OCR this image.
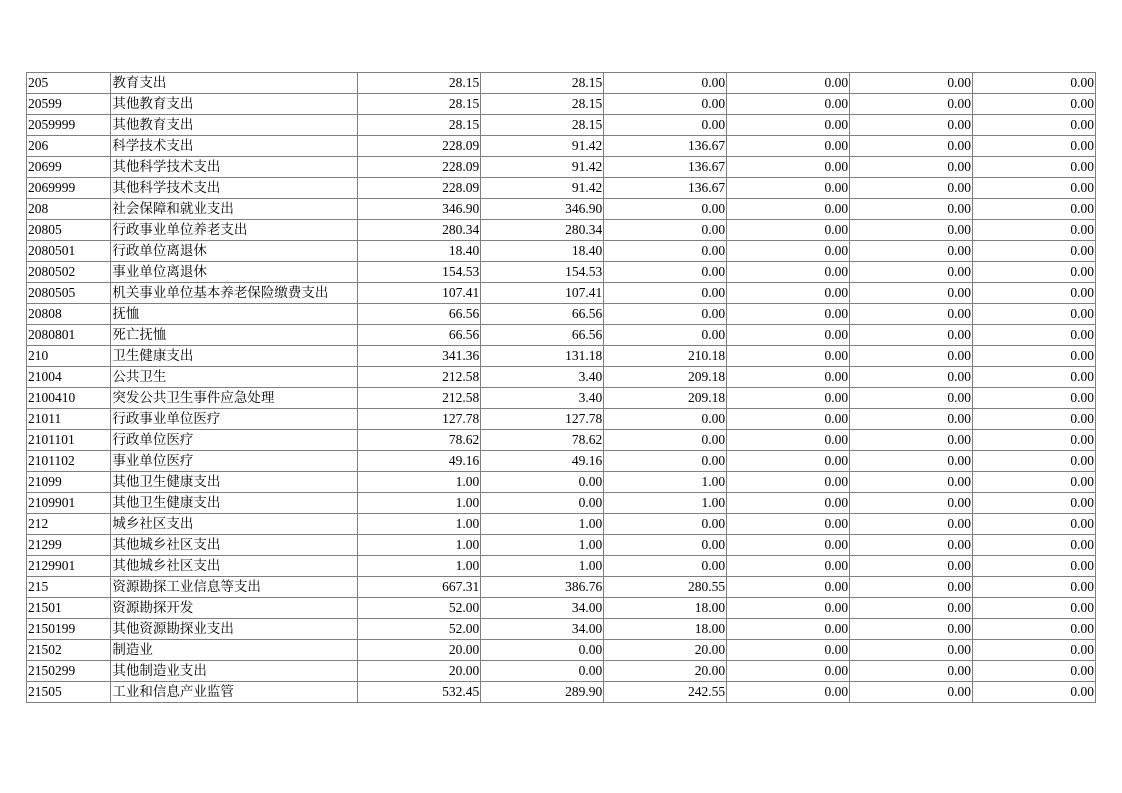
205	教育支出	28.15	28.15	0.00	0.00	0.00	0.00
20599	其他教育支出	28.15	28.15	0.00	0.00	0.00	0.00
2059999	其他教育支出	28.15	28.15	0.00	0.00	0.00	0.00
206	科学技术支出	228.09	91.42	136.67	0.00	0.00	0.00
20699	其他科学技术支出	228.09	91.42	136.67	0.00	0.00	0.00
2069999	其他科学技术支出	228.09	91.42	136.67	0.00	0.00	0.00
208	社会保障和就业支出	346.90	346.90	0.00	0.00	0.00	0.00
20805	行政事业单位养老支出	280.34	280.34	0.00	0.00	0.00	0.00
2080501	行政单位离退休	18.40	18.40	0.00	0.00	0.00	0.00
2080502	事业单位离退休	154.53	154.53	0.00	0.00	0.00	0.00
2080505	机关事业单位基本养老保险缴费支出	107.41	107.41	0.00	0.00	0.00	0.00
20808	抚恤	66.56	66.56	0.00	0.00	0.00	0.00
2080801	死亡抚恤	66.56	66.56	0.00	0.00	0.00	0.00
210	卫生健康支出	341.36	131.18	210.18	0.00	0.00	0.00
21004	公共卫生	212.58	3.40	209.18	0.00	0.00	0.00
2100410	突发公共卫生事件应急处理	212.58	3.40	209.18	0.00	0.00	0.00
21011	行政事业单位医疗	127.78	127.78	0.00	0.00	0.00	0.00
2101101	行政单位医疗	78.62	78.62	0.00	0.00	0.00	0.00
2101102	事业单位医疗	49.16	49.16	0.00	0.00	0.00	0.00
21099	其他卫生健康支出	1.00	0.00	1.00	0.00	0.00	0.00
2109901	其他卫生健康支出	1.00	0.00	1.00	0.00	0.00	0.00
212	城乡社区支出	1.00	1.00	0.00	0.00	0.00	0.00
21299	其他城乡社区支出	1.00	1.00	0.00	0.00	0.00	0.00
2129901	其他城乡社区支出	1.00	1.00	0.00	0.00	0.00	0.00
215	资源勘探工业信息等支出	667.31	386.76	280.55	0.00	0.00	0.00
21501	资源勘探开发	52.00	34.00	18.00	0.00	0.00	0.00
2150199	其他资源勘探业支出	52.00	34.00	18.00	0.00	0.00	0.00
21502	制造业	20.00	0.00	20.00	0.00	0.00	0.00
2150299	其他制造业支出	20.00	0.00	20.00	0.00	0.00	0.00
21505	工业和信息产业监管	532.45	289.90	242.55	0.00	0.00	0.00
